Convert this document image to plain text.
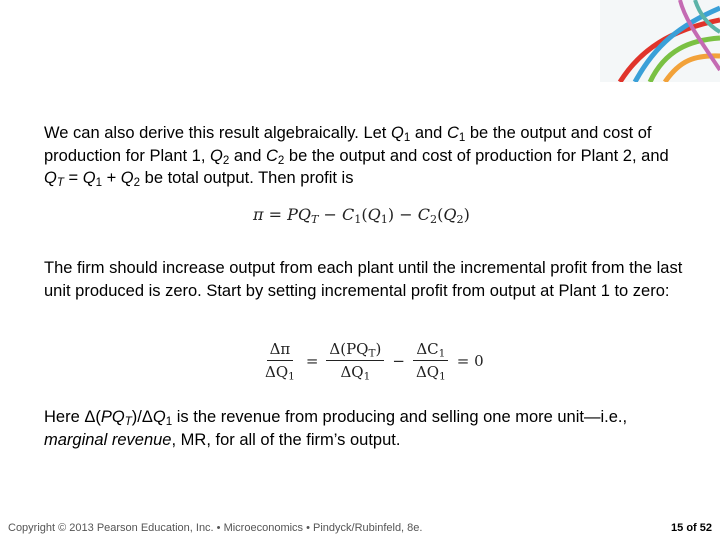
We can also derive this result algebraically. Let $Q_1$ and $C_1$ be the output and cost of production for Plant 1, $Q_2$ and $C_2$ be the output and cost of production for Plant 2, and $Q_T = Q_1 + Q_2$ be total output. Then profit is
$\pi = PQ_T - C_1(Q_1) - C_2(Q_2)$
The firm should increase output from each plant until the incremental profit from the last unit produced is zero. Start by setting incremental profit from output at Plant 1 to zero:
$\frac{\Delta\pi}{\Delta Q_1} = \frac{\Delta(PQ_T)}{\Delta Q_1} - \frac{\Delta C_1}{\Delta Q_1} = 0$
Here $\Delta(PQ_T)/\Delta Q_1$ is the revenue from producing and selling one more unit—i.e., marginal revenue, MR, for all of the firm’s output.
Copyright © 2013 Pearson Education, Inc. • Microeconomics • Pindyck/Rubinfeld, 8e.	15 of 52
